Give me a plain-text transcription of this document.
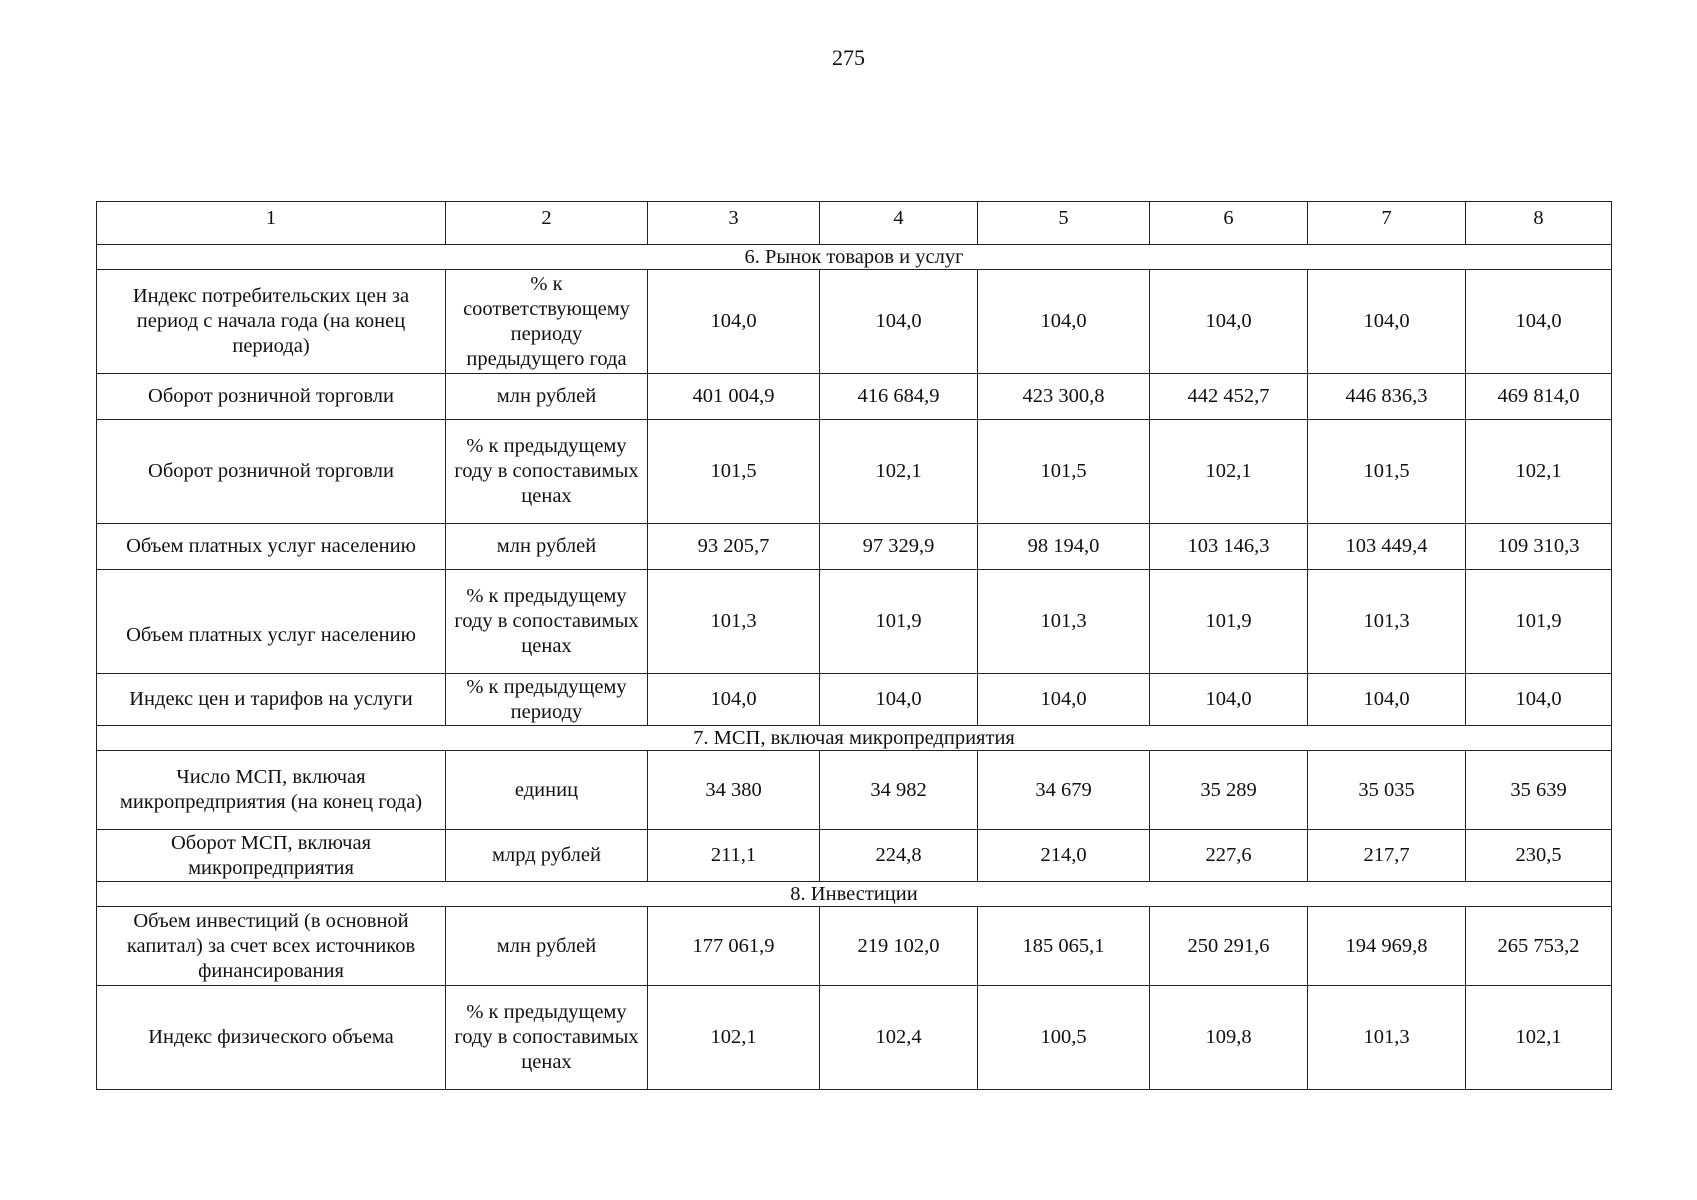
275
1	2	3	4	5	6	7	8
6. Рынок товаров и услуг							
Индекс потребительских цен за период с начала года (на конец периода)	% к соответствующему периоду предыдущего года	104,0	104,0	104,0	104,0	104,0	104,0
Оборот розничной торговли	млн рублей	401 004,9	416 684,9	423 300,8	442 452,7	446 836,3	469 814,0
Оборот розничной торговли	% к предыдущему году в сопоставимых ценах	101,5	102,1	101,5	102,1	101,5	102,1
Объем платных услуг населению	млн рублей	93 205,7	97 329,9	98 194,0	103 146,3	103 449,4	109 310,3
Объем платных услуг населению	% к предыдущему году в сопоставимых ценах	101,3	101,9	101,3	101,9	101,3	101,9
Индекс цен и тарифов на услуги	% к предыдущему периоду	104,0	104,0	104,0	104,0	104,0	104,0
7. МСП, включая микропредприятия							
Число МСП, включая микропредприятия (на конец года)	единиц	34 380	34 982	34 679	35 289	35 035	35 639
Оборот МСП, включая микропредприятия	млрд рублей	211,1	224,8	214,0	227,6	217,7	230,5
8. Инвестиции							
Объем инвестиций (в основной капитал) за счет всех источников финансирования	млн рублей	177 061,9	219 102,0	185 065,1	250 291,6	194 969,8	265 753,2
Индекс физического объема	% к предыдущему году в сопоставимых ценах	102,1	102,4	100,5	109,8	101,3	102,1
